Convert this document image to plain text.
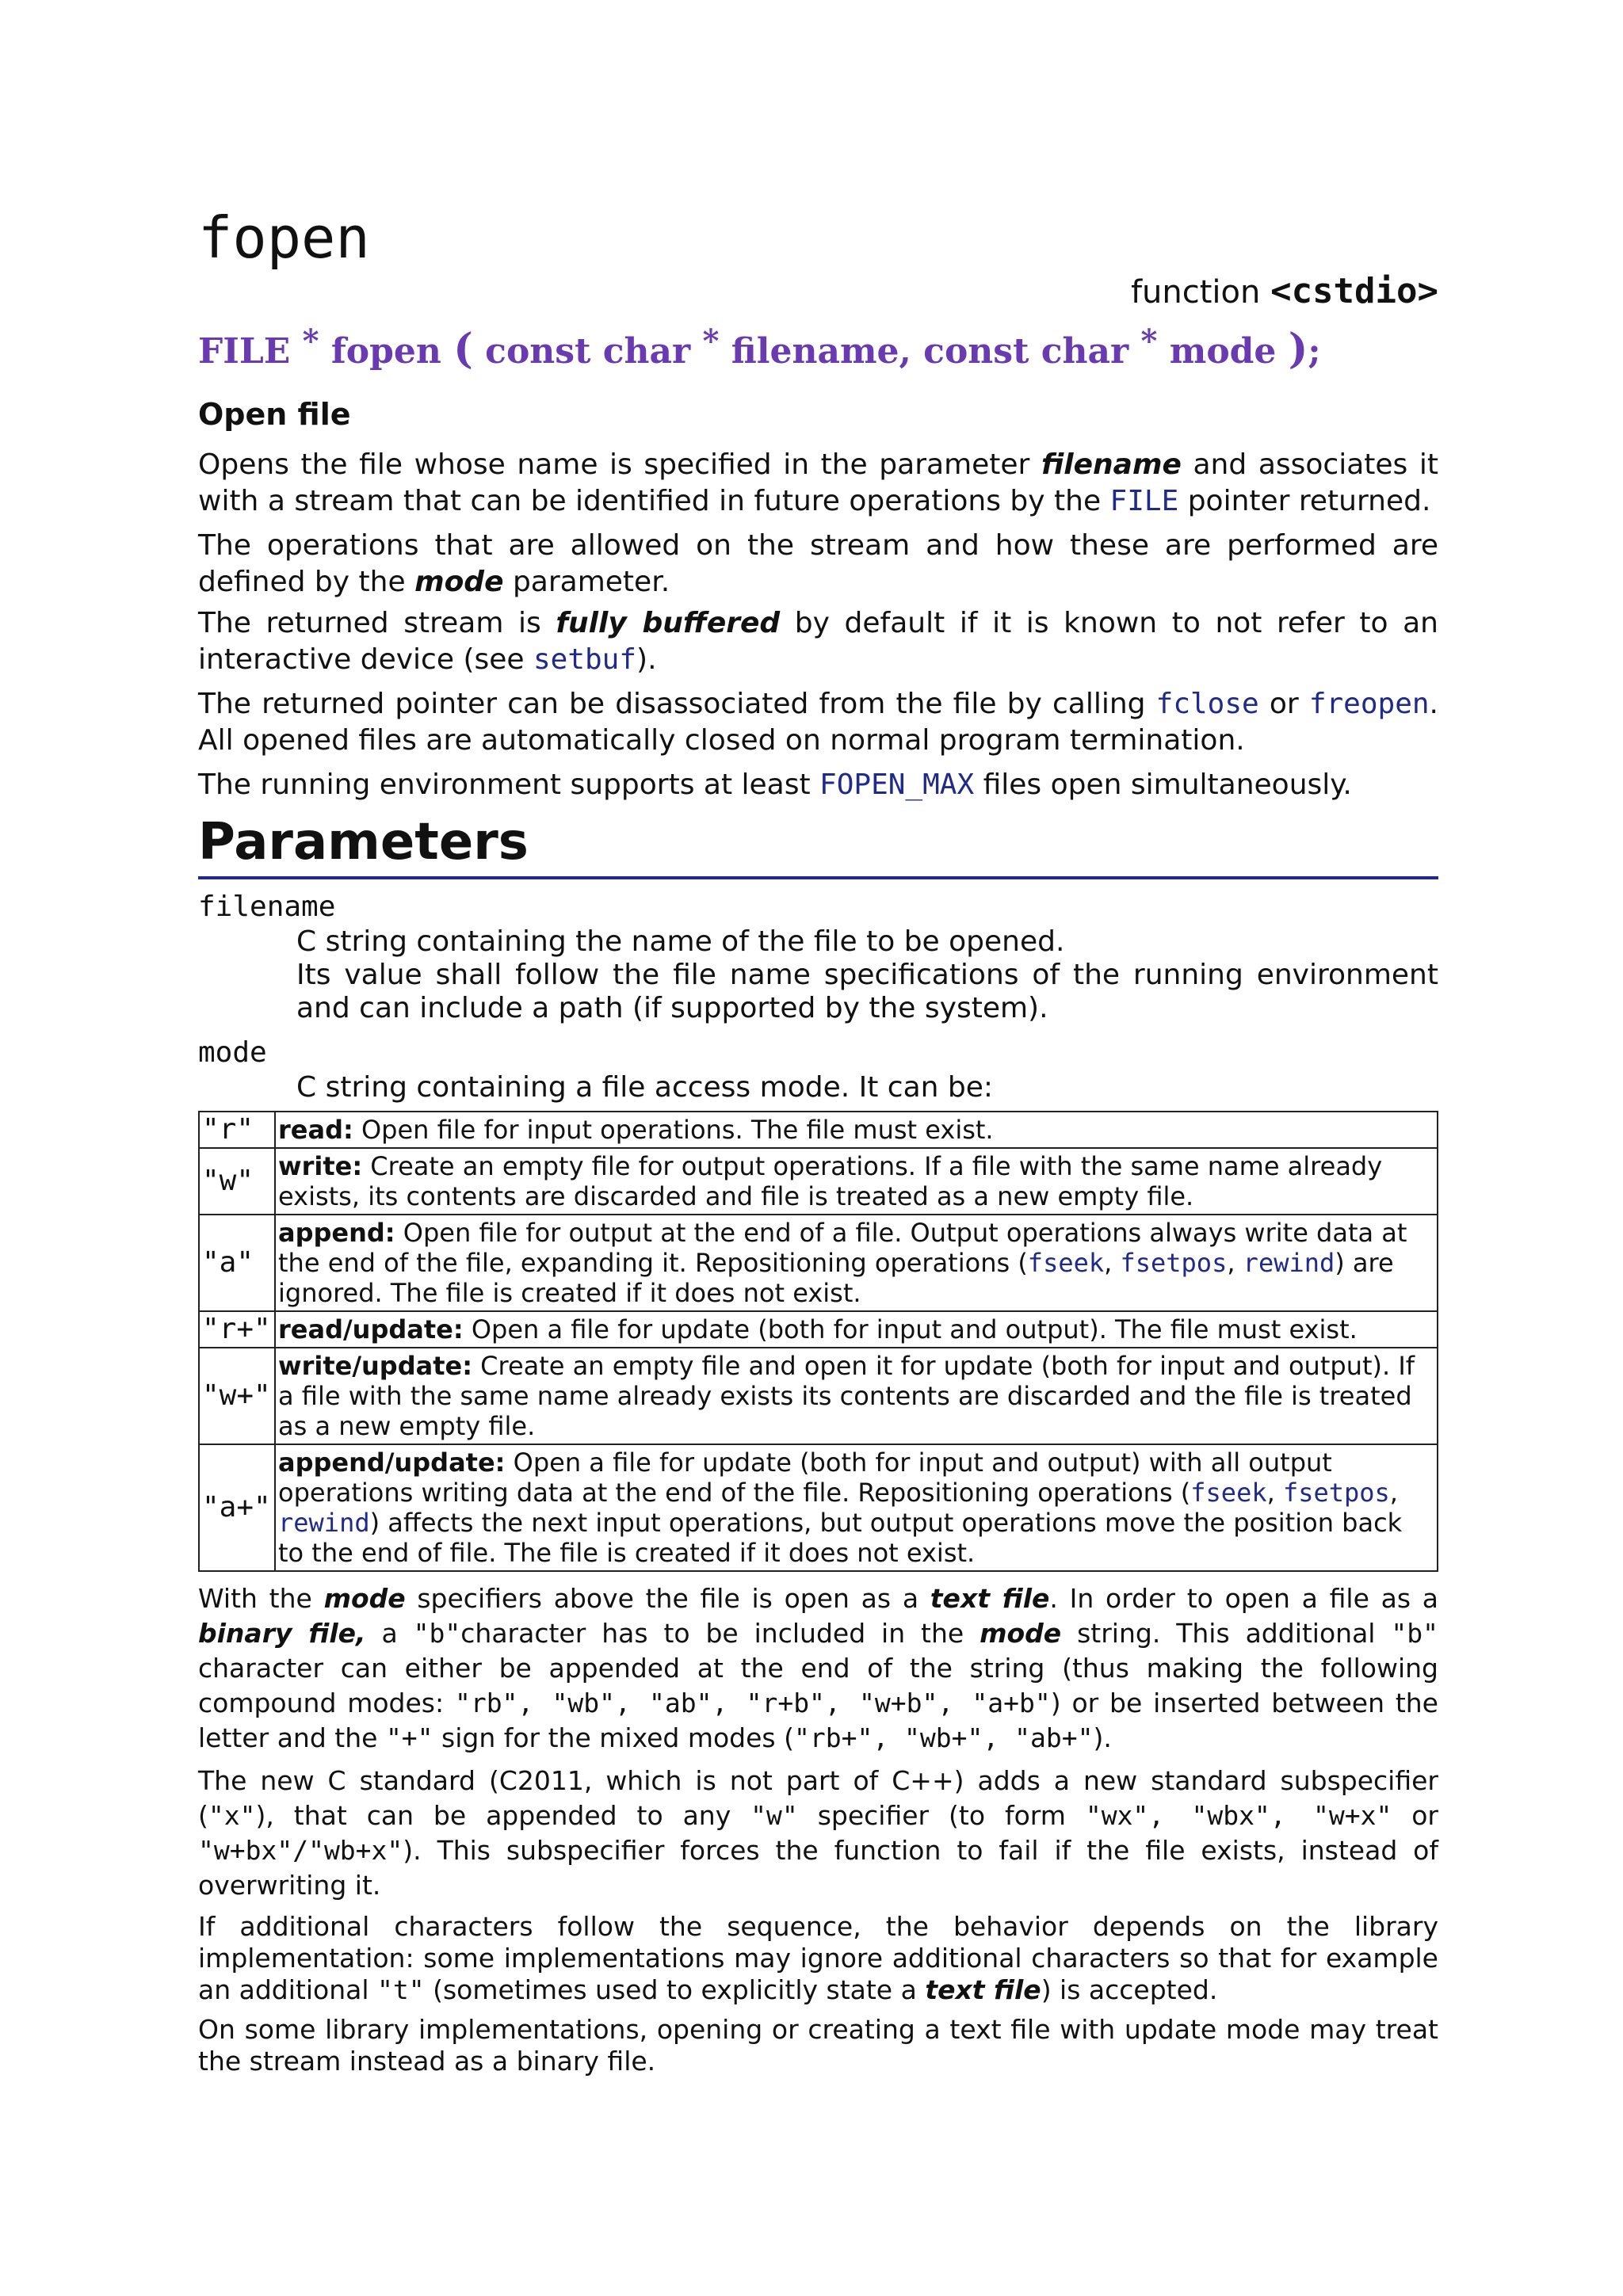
fopen
function <cstdio>
FILE * fopen ( const char * filename, const char * mode );
Open file

Opens the file whose name is specified in the parameter filename and associates it with a stream that can be identified in future operations by the FILE pointer returned.

The operations that are allowed on the stream and how these are performed are defined by the mode parameter.

The returned stream is fully buffered by default if it is known to not refer to an interactive device (see setbuf).

The returned pointer can be disassociated from the file by calling fclose or freopen. All opened files are automatically closed on normal program termination.

The running environment supports at least FOPEN_MAX files open simultaneously.

Parameters
filename
C string containing the name of the file to be opened.
Its value shall follow the file name specifications of the running environment and can include a path (if supported by the system).
mode
C string containing a file access mode. It can be:
"r"	read: Open file for input operations. The file must exist.
"w"	write: Create an empty file for output operations. If a file with the same name already exists, its contents are discarded and file is treated as a new empty file.
"a"	append: Open file for output at the end of a file. Output operations always write data at the end of the file, expanding it. Repositioning operations (fseek, fsetpos, rewind) are ignored. The file is created if it does not exist.
"r+"	read/update: Open a file for update (both for input and output). The file must exist.
"w+"	write/update: Create an empty file and open it for update (both for input and output). If a file with the same name already exists its contents are discarded and the file is treated as a new empty file.
"a+"	append/update: Open a file for update (both for input and output) with all output operations writing data at the end of the file. Repositioning operations (fseek, fsetpos, rewind) affects the next input operations, but output operations move the position back to the end of file. The file is created if it does not exist.

With the mode specifiers above the file is open as a text file. In order to open a file as a binary file, a "b"character has to be included in the mode string. This additional "b" character can either be appended at the end of the string (thus making the following compound modes: "rb", "wb", "ab", "r+b", "w+b", "a+b") or be inserted between the letter and the "+" sign for the mixed modes ("rb+", "wb+", "ab+").

The new C standard (C2011, which is not part of C++) adds a new standard subspecifier ("x"), that can be appended to any "w" specifier (to form "wx", "wbx", "w+x" or "w+bx"/"wb+x"). This subspecifier forces the function to fail if the file exists, instead of overwriting it.

If additional characters follow the sequence, the behavior depends on the library implementation: some implementations may ignore additional characters so that for example an additional "t" (sometimes used to explicitly state a text file) is accepted.

On some library implementations, opening or creating a text file with update mode may treat the stream instead as a binary file.
